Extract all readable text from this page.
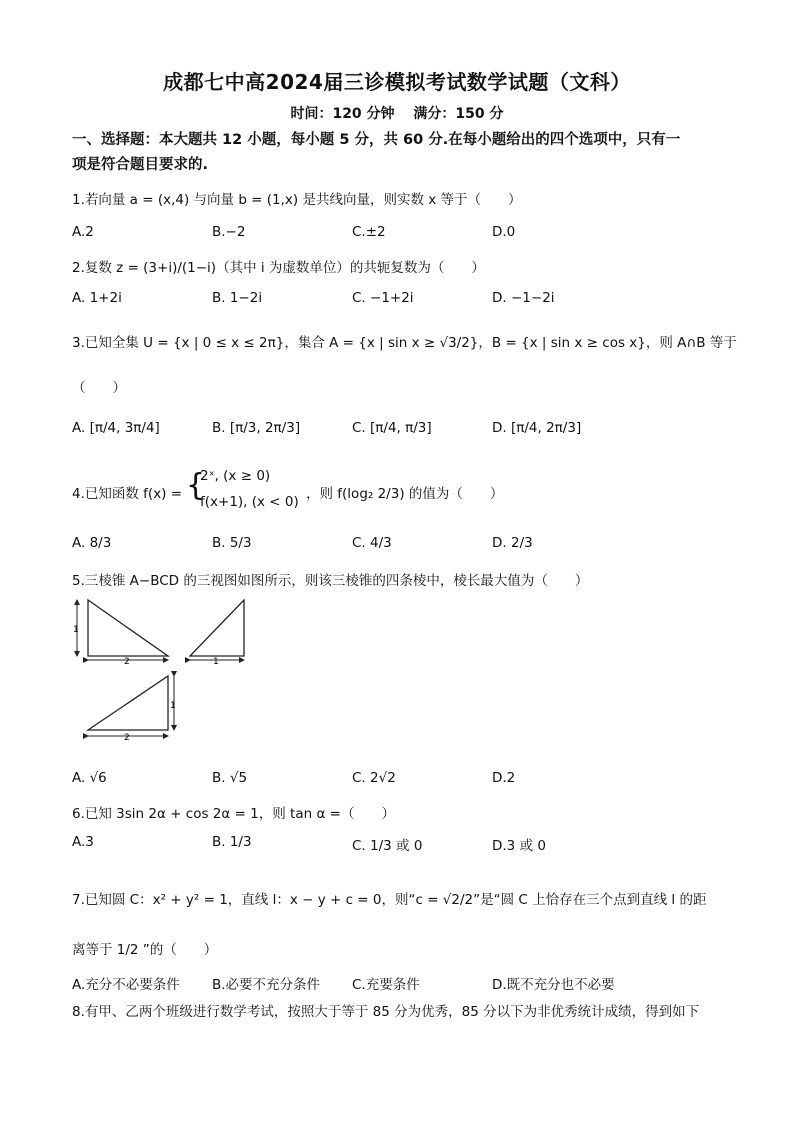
成都七中高2024届三诊模拟考试数学试题（文科）
时间：120 分钟　 满分：150 分
一、选择题：本大题共 12 小题，每小题 5 分，共 60 分.在每小题给出的四个选项中，只有一
项是符合题目要求的.
1.若向量 a = (x,4) 与向量 b = (1,x) 是共线向量，则实数 x 等于（　　）
A.2	B.−2	C.±2	D.0
2.复数 z = (3+i)/(1−i)（其中 i 为虚数单位）的共轭复数为（　　）
A. 1+2i	B. 1−2i	C. −1+2i	D. −1−2i
3.已知全集 U = {x | 0 ≤ x ≤ 2π}，集合 A = {x | sin x ≥ √3/2}，B = {x | sin x ≥ cos x}，则 A∩B 等于
（　　）
A. [π/4, 3π/4]	B. [π/3, 2π/3]	C. [π/4, π/3]	D. [π/4, 2π/3]
4.已知函数 f(x) = {
2ˣ, (x ≥ 0)
f(x+1), (x < 0) ，则 f(log₂ 2/3) 的值为（　　）
A. 8/3	B. 5/3	C. 4/3	D. 2/3
5.三棱锥 A−BCD 的三视图如图所示，则该三棱锥的四条棱中，棱长最大值为（　　）
1
2	1
1
2
A. √6	B. √5	C. 2√2	D.2
6.已知 3sin 2α + cos 2α = 1，则 tan α =（　　）
A.3	B. 1/3	C. 1/3 或 0	D.3 或 0
7.已知圆 C：x² + y² = 1，直线 l：x − y + c = 0，则“c = √2/2”是“圆 C 上恰存在三个点到直线 l 的距
离等于 1/2 ”的（　　）
A.充分不必要条件 B.必要不充分条件 C.充要条件	D.既不充分也不必要
8.有甲、乙两个班级进行数学考试，按照大于等于 85 分为优秀，85 分以下为非优秀统计成绩，得到如下
